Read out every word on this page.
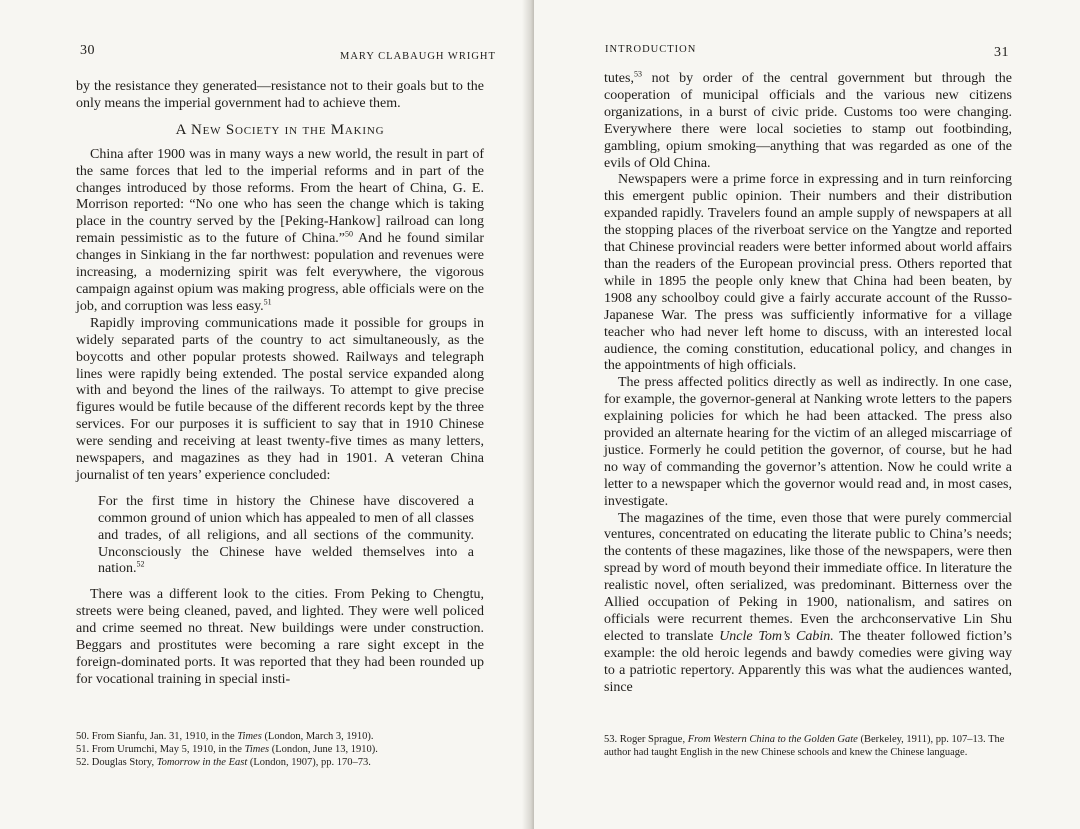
30	MARY CLABAUGH WRIGHT

by the resistance they generated—resistance not to their goals but to the only means the imperial government had to achieve them.

A New Society in the Making

China after 1900 was in many ways a new world, the result in part of the same forces that led to the imperial reforms and in part of the changes introduced by those reforms. From the heart of China, G. E. Morrison reported: “No one who has seen the change which is taking place in the country served by the [Peking-Hankow] railroad can long remain pessimistic as to the future of China.”$^{50}$ And he found similar changes in Sinkiang in the far northwest: population and revenues were increasing, a modernizing spirit was felt everywhere, the vigorous campaign against opium was making progress, able officials were on the job, and corruption was less easy.$^{51}$

Rapidly improving communications made it possible for groups in widely separated parts of the country to act simultaneously, as the boycotts and other popular protests showed. Railways and telegraph lines were rapidly being extended. The postal service expanded along with and beyond the lines of the railways. To attempt to give precise figures would be futile because of the different records kept by the three services. For our purposes it is sufficient to say that in 1910 Chinese were sending and receiving at least twenty-five times as many letters, newspapers, and magazines as they had in 1901. A veteran China journalist of ten years’ experience concluded:

For the first time in history the Chinese have discovered a common ground of union which has appealed to men of all classes and trades, of all religions, and all sections of the community. Unconsciously the Chinese have welded themselves into a nation.$^{52}$

There was a different look to the cities. From Peking to Chengtu, streets were being cleaned, paved, and lighted. They were well policed and crime seemed no threat. New buildings were under construction. Beggars and prostitutes were becoming a rare sight except in the foreign-dominated ports. It was reported that they had been rounded up for vocational training in special insti-

50. From Sianfu, Jan. 31, 1910, in the Times (London, March 3, 1910).
51. From Urumchi, May 5, 1910, in the Times (London, June 13, 1910).
52. Douglas Story, Tomorrow in the East (London, 1907), pp. 170–73.
INTRODUCTION	31

tutes,$^{53}$ not by order of the central government but through the cooperation of municipal officials and the various new citizens organizations, in a burst of civic pride. Customs too were changing. Everywhere there were local societies to stamp out footbinding, gambling, opium smoking—anything that was regarded as one of the evils of Old China.

Newspapers were a prime force in expressing and in turn reinforcing this emergent public opinion. Their numbers and their distribution expanded rapidly. Travelers found an ample supply of newspapers at all the stopping places of the riverboat service on the Yangtze and reported that Chinese provincial readers were better informed about world affairs than the readers of the European provincial press. Others reported that while in 1895 the people only knew that China had been beaten, by 1908 any schoolboy could give a fairly accurate account of the Russo-Japanese War. The press was sufficiently informative for a village teacher who had never left home to discuss, with an interested local audience, the coming constitution, educational policy, and changes in the appointments of high officials.

The press affected politics directly as well as indirectly. In one case, for example, the governor-general at Nanking wrote letters to the papers explaining policies for which he had been attacked. The press also provided an alternate hearing for the victim of an alleged miscarriage of justice. Formerly he could petition the governor, of course, but he had no way of commanding the governor’s attention. Now he could write a letter to a newspaper which the governor would read and, in most cases, investigate.

The magazines of the time, even those that were purely commercial ventures, concentrated on educating the literate public to China’s needs; the contents of these magazines, like those of the newspapers, were then spread by word of mouth beyond their immediate office. In literature the realistic novel, often serialized, was predominant. Bitterness over the Allied occupation of Peking in 1900, nationalism, and satires on officials were recurrent themes. Even the archconservative Lin Shu elected to translate Uncle Tom’s Cabin. The theater followed fiction’s example: the old heroic legends and bawdy comedies were giving way to a patriotic repertory. Apparently this was what the audiences wanted, since

53. Roger Sprague, From Western China to the Golden Gate (Berkeley, 1911), pp. 107–13. The author had taught English in the new Chinese schools and knew the Chinese language.
